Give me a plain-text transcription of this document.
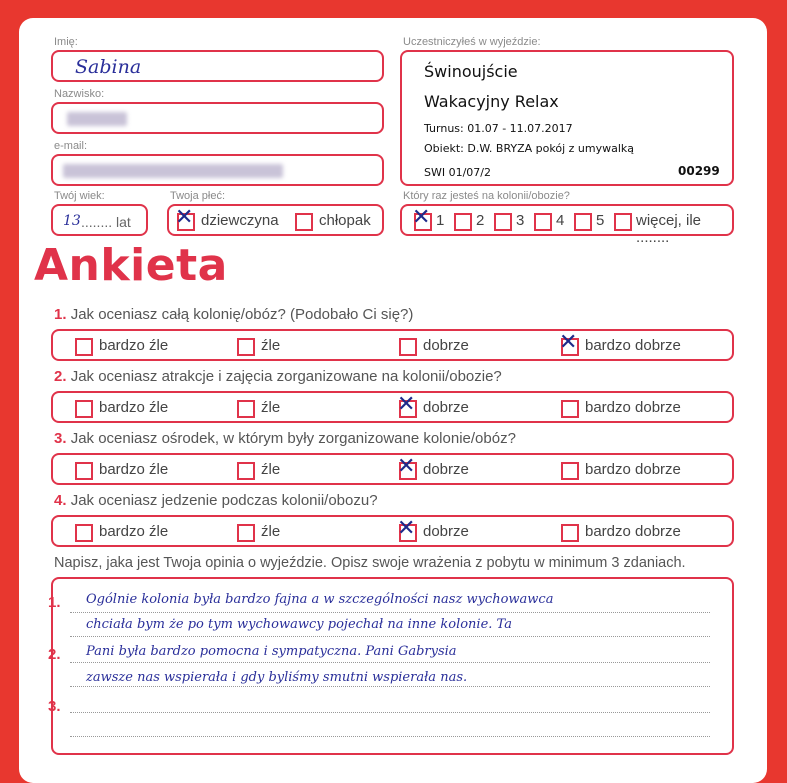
Imię:
Sabina
Nazwisko:
e-mail:
Twój wiek:
13 ........ lat
Twoja płeć:
✕ dziewczyna	chłopak
Uczestniczyłeś w wyjeździe:
Świnoujście
Wakacyjny Relax
Turnus: 01.07 - 11.07.2017
Obiekt: D.W. BRYZA pokój z umywalką
SWI 01/07/2	00299
Który raz jesteś na kolonii/obozie?
✕ 1 2 3 4 5 więcej, ile ........
Ankieta
1. Jak oceniasz całą kolonię/obóz? (Podobało Ci się?)
bardzo źle	źle	dobrze	✕ bardzo dobrze
2. Jak oceniasz atrakcje i zajęcia zorganizowane na kolonii/obozie?
bardzo źle	źle	✕ dobrze	bardzo dobrze
3. Jak oceniasz ośrodek, w którym były zorganizowane kolonie/obóz?
bardzo źle	źle	✕ dobrze	bardzo dobrze
4. Jak oceniasz jedzenie podczas kolonii/obozu?
bardzo źle	źle	✕ dobrze	bardzo dobrze
Napisz, jaka jest Twoja opinia o wyjeździe. Opisz swoje wrażenia z pobytu w minimum 3 zdaniach.
1.
2.
3.
Ogólnie kolonia była bardzo fajna a w szczególności nasz wychowawca
chciała bym że po tym wychowawcy pojechał na inne kolonie. Ta
Pani była bardzo pomocna i sympatyczna. Pani Gabrysia
zawsze nas wspierała i gdy byliśmy smutni wspierała nas.
